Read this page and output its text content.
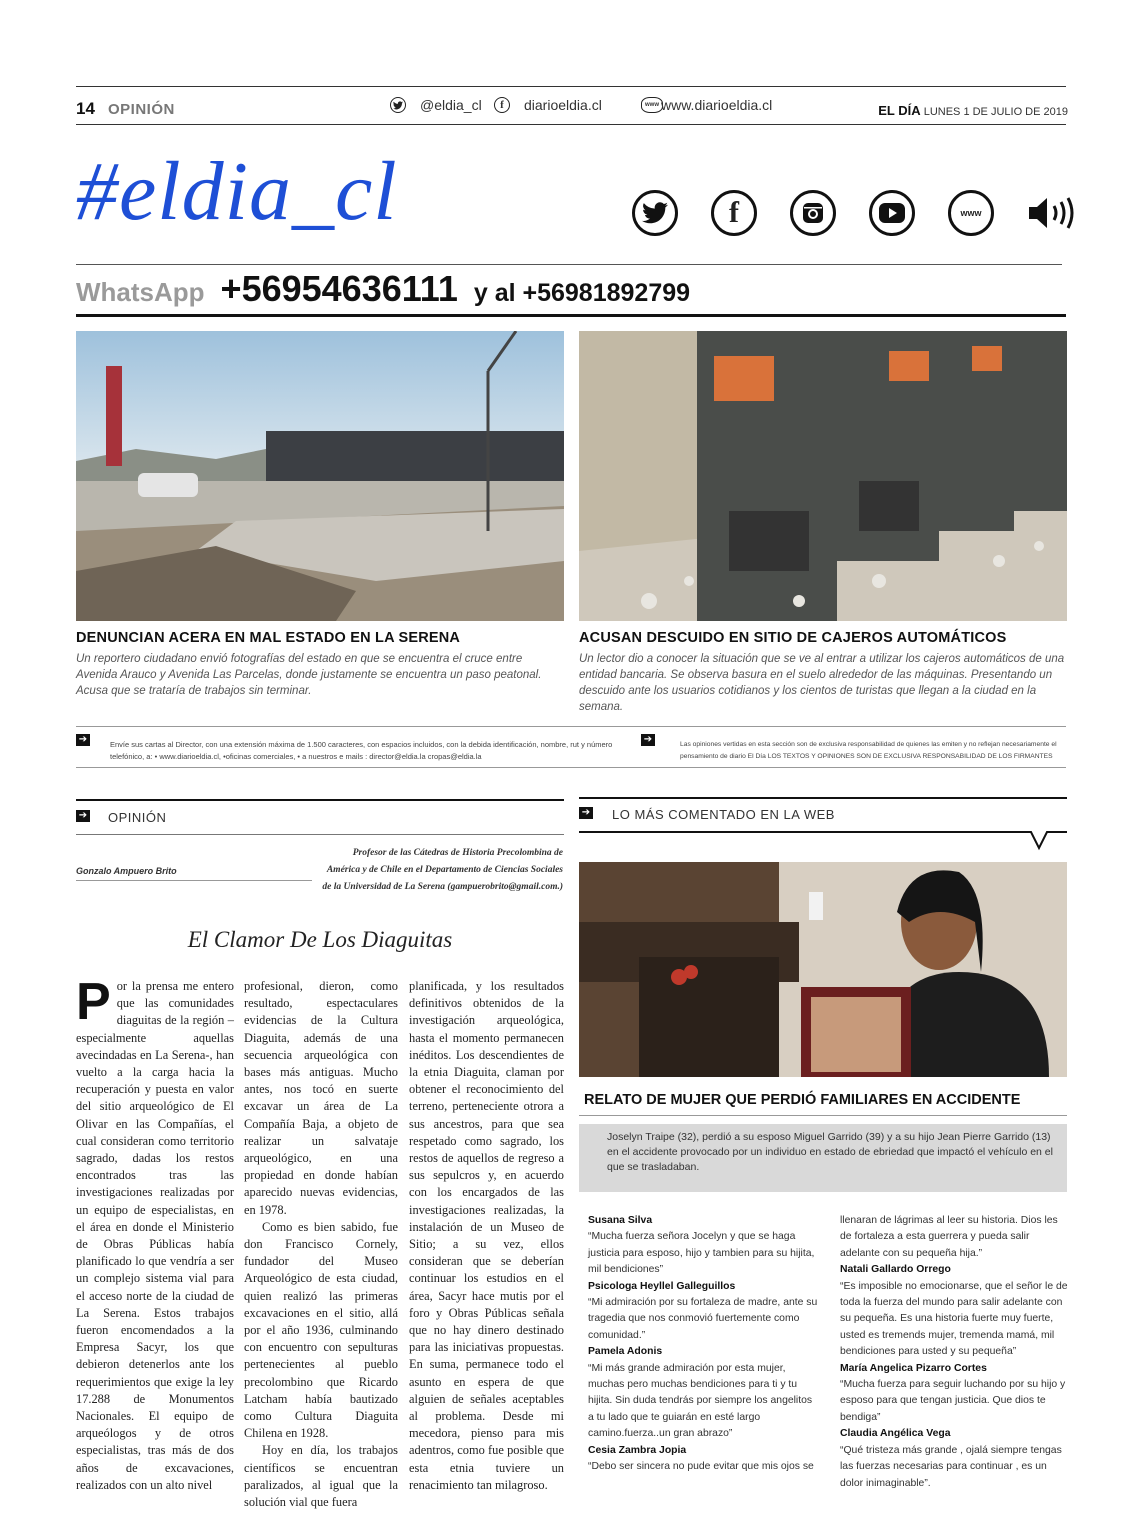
14 OPINIÓN	@eldia_cl	f	diarioeldia.cl	www www.diarioeldia.cl	EL DÍA LUNES 1 DE JULIO DE 2019
#eldia_cl	f	www
WhatsApp +56954636111 y al +56981892799
DENUNCIAN ACERA EN MAL ESTADO EN LA SERENA
Un reportero ciudadano envió fotografías del estado en que se encuentra el cruce entre Avenida Arauco y Avenida Las Parcelas, donde justamente se encuentra un paso peatonal. Acusa que se trataría de trabajos sin terminar.
ACUSAN DESCUIDO EN SITIO DE CAJEROS AUTOMÁTICOS
Un lector dio a conocer la situación que se ve al entrar a utilizar los cajeros automáticos de una entidad bancaria. Se observa basura en el suelo alrededor de las máquinas. Presentando un descuido ante los usuarios cotidianos y los cientos de turistas que llegan a la ciudad en la semana.
➔	Envíe sus cartas al Director, con una extensión máxima de 1.500 caracteres, con espacios incluidos, con la debida identificación, nombre, rut y número telefónico, a: • www.diarioeldia.cl, •oficinas comerciales, • a nuestros e mails : director@eldia.la cropas@eldia.la
➔	Las opiniones vertidas en esta sección son de exclusiva responsabilidad de quienes las emiten y no reflejan necesariamente el pensamiento de diario El Día LOS TEXTOS Y OPINIONES SON DE EXCLUSIVA RESPONSABILIDAD DE LOS FIRMANTES
➔ OPINIÓN
Gonzalo Ampuero Brito
Profesor de las Cátedras de Historia Precolombina de América y de Chile en el Departamento de Ciencias Sociales de la Universidad de La Serena (gampuerobrito@gmail.com.)
El Clamor De Los Diaguitas
P or la prensa me entero que las comunidades diaguitas de la región –especialmente aquellas avecindadas en La Serena-, han vuelto a la carga hacia la recuperación y puesta en valor del sitio arqueológico de El Olivar en las Compañías, el cual consideran como territorio sagrado, dadas los restos encontrados tras las investigaciones realizadas por un equipo de especialistas, en el área en donde el Ministerio de Obras Públicas había planificado lo que vendría a ser un complejo sistema vial para el acceso norte de la ciudad de La Serena. Estos trabajos fueron encomendados a la Empresa Sacyr, los que debieron detenerlos ante los requerimientos que exige la ley 17.288 de Monumentos Nacionales. El equipo de arqueólogos y de otros especialistas, tras más de dos años de excavaciones, realizados con un alto nivel

profesional, dieron, como resultado, espectaculares evidencias de la Cultura Diaguita, además de una secuencia arqueológica con bases más antiguas. Mucho antes, nos tocó en suerte excavar un área de La Compañía Baja, a objeto de realizar un salvataje arqueológico, en una propiedad en donde habían aparecido nuevas evidencias, en 1978.

Como es bien sabido, fue don Francisco Cornely, fundador del Museo Arqueológico de esta ciudad, quien realizó las primeras excavaciones en el sitio, allá por el año 1936, culminando con encuentro con sepulturas pertenecientes al pueblo precolombino que Ricardo Latcham había bautizado como Cultura Diaguita Chilena en 1928.

Hoy en día, los trabajos científicos se encuentran paralizados, al igual que la solución vial que fuera

planificada, y los resultados definitivos obtenidos de la investigación arqueológica, hasta el momento permanecen inéditos. Los descendientes de la etnia Diaguita, claman por obtener el reconocimiento del terreno, perteneciente otrora a sus ancestros, para que sea respetado como sagrado, los restos de aquellos de regreso a sus sepulcros y, en acuerdo con los encargados de las investigaciones realizadas, la instalación de un Museo de Sitio; a su vez, ellos consideran que se deberían continuar los estudios en el área, Sacyr hace mutis por el foro y Obras Públicas señala que no hay dinero destinado para las iniciativas propuestas. En suma, permanece todo el asunto en espera de que alguien de señales aceptables al problema. Desde mi mecedora, pienso para mis adentros, como fue posible que esta etnia tuviere un renacimiento tan milagroso.

➔ LO MÁS COMENTADO EN LA WEB
RELATO DE MUJER QUE PERDIÓ FAMILIARES EN ACCIDENTE
Joselyn Traipe (32), perdió a su esposo Miguel Garrido (39) y a su hijo Jean Pierre Garrido (13) en el accidente provocado por un individuo en estado de ebriedad que impactó el vehículo en el que se trasladaban.
Susana Silva
“Mucha fuerza señora Jocelyn y que se haga justicia para esposo, hijo y tambien para su hijita, mil bendiciones”
Psicologa Heyllel Galleguillos
“Mi admiración por su fortaleza de madre, ante su tragedia que nos conmovió fuertemente como comunidad.”
Pamela Adonis
“Mi más grande admiración por esta mujer, muchas pero muchas bendiciones para ti y tu hijita. Sin duda tendrás por siempre los angelitos a tu lado que te guiarán en esté largo camino.fuerza..un gran abrazo”
Cesia Zambra Jopia
“Debo ser sincera no pude evitar que mis ojos se
llenaran de lágrimas al leer su historia. Dios les de fortaleza a esta guerrera y pueda salir adelante con su pequeña hija.”
Natali Gallardo Orrego
“Es imposible no emocionarse, que el señor le de toda la fuerza del mundo para salir adelante con su pequeña. Es una historia fuerte muy fuerte, usted es tremends mujer, tremenda mamá, mil bendiciones para usted y su pequeña”
María Angelica Pizarro Cortes
“Mucha fuerza para seguir luchando por su hijo y esposo para que tengan justicia. Que dios te bendiga”
Claudia Angélica Vega
“Qué tristeza más grande , ojalá siempre tengas las fuerzas necesarias para continuar , es un dolor inimaginable”.
